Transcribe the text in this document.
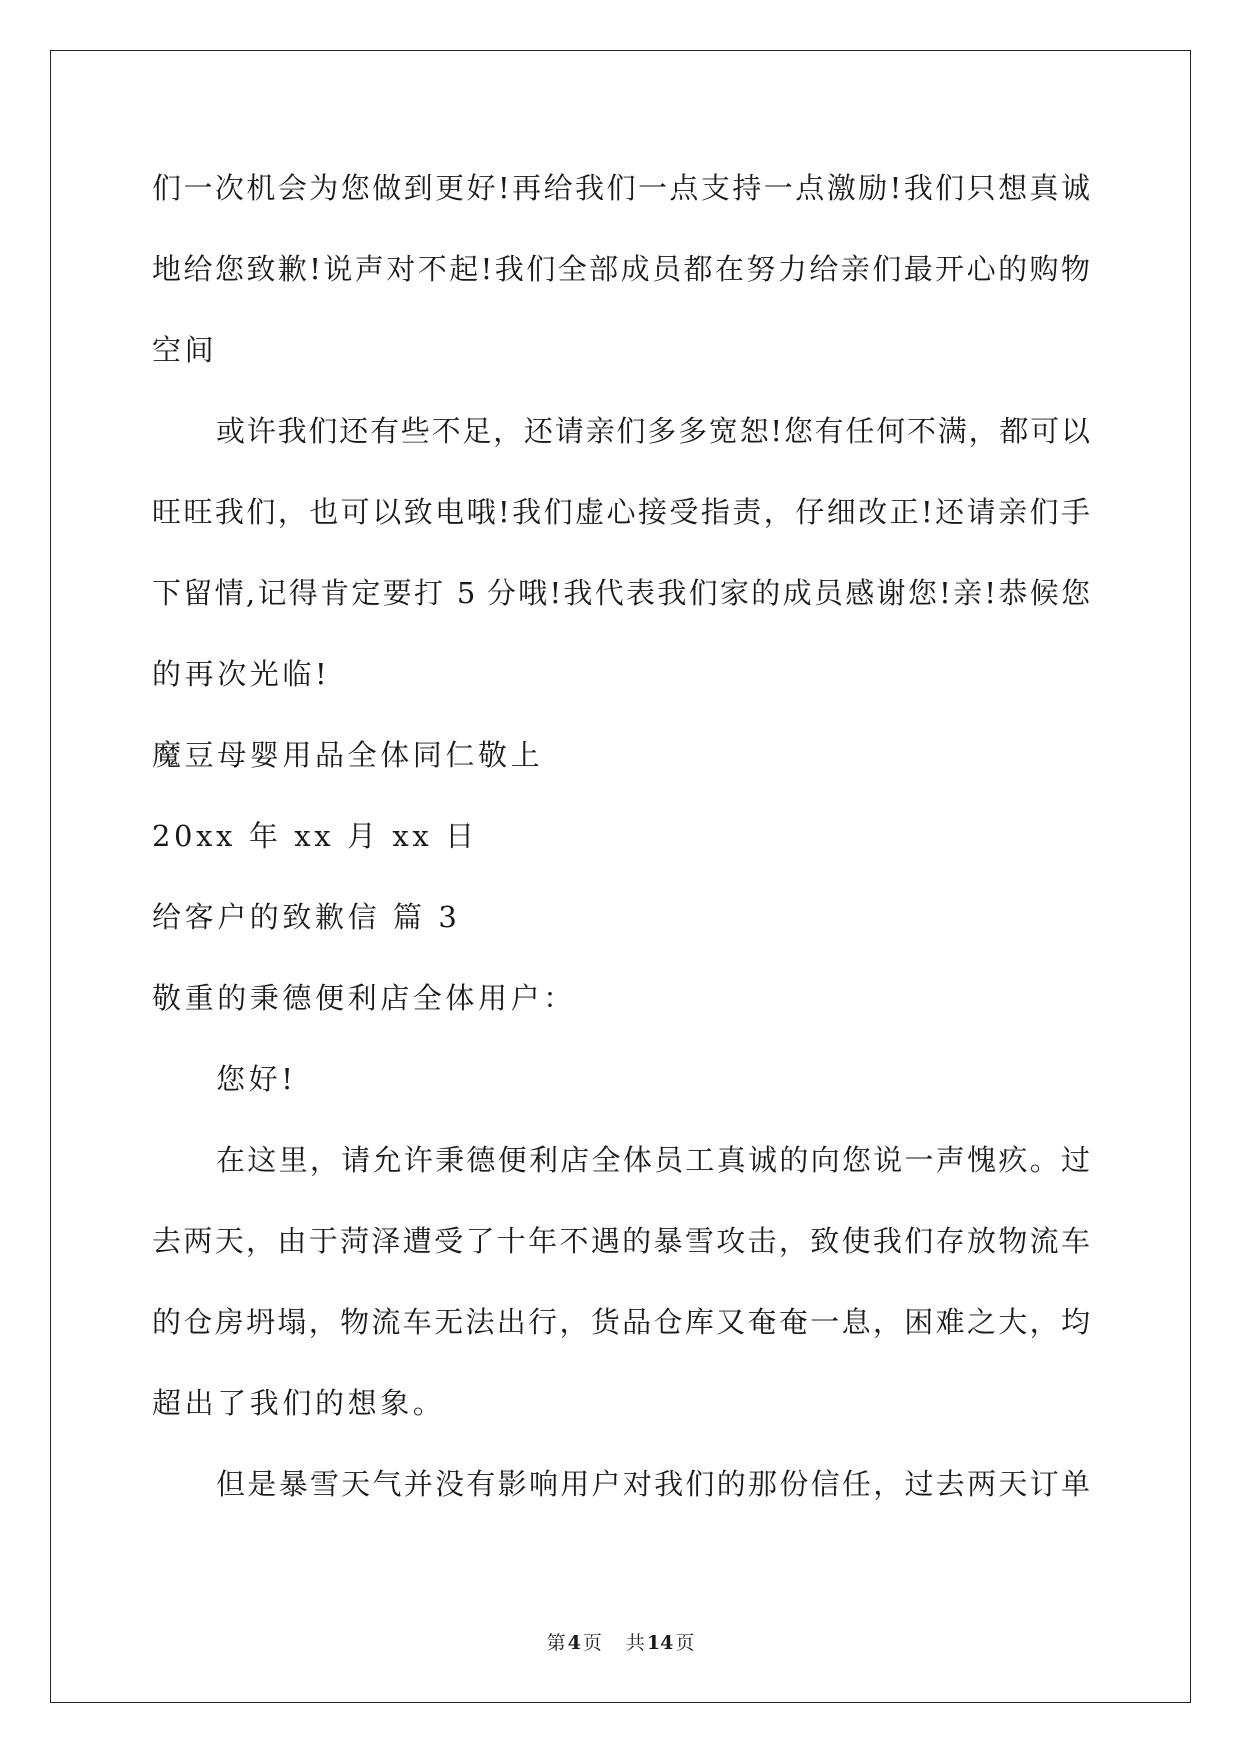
们一次机会为您做到更好!再给我们一点支持一点激励!我们只想真诚
地给您致歉!说声对不起!我们全部成员都在努力给亲们最开心的购物
空间
或许我们还有些不足，还请亲们多多宽恕!您有任何不满，都可以
旺旺我们，也可以致电哦!我们虚心接受指责，仔细改正!还请亲们手
下留情,记得肯定要打 5 分哦!我代表我们家的成员感谢您!亲!恭候您
的再次光临!
魔豆母婴用品全体同仁敬上
20xx 年 xx 月 xx 日
给客户的致歉信 篇 3
敬重的秉德便利店全体用户：
您好!
在这里，请允许秉德便利店全体员工真诚的向您说一声愧疚。过
去两天，由于菏泽遭受了十年不遇的暴雪攻击，致使我们存放物流车
的仓房坍塌，物流车无法出行，货品仓库又奄奄一息，困难之大，均
超出了我们的想象。
但是暴雪天气并没有影响用户对我们的那份信任，过去两天订单
第 4 页 共 14 页
